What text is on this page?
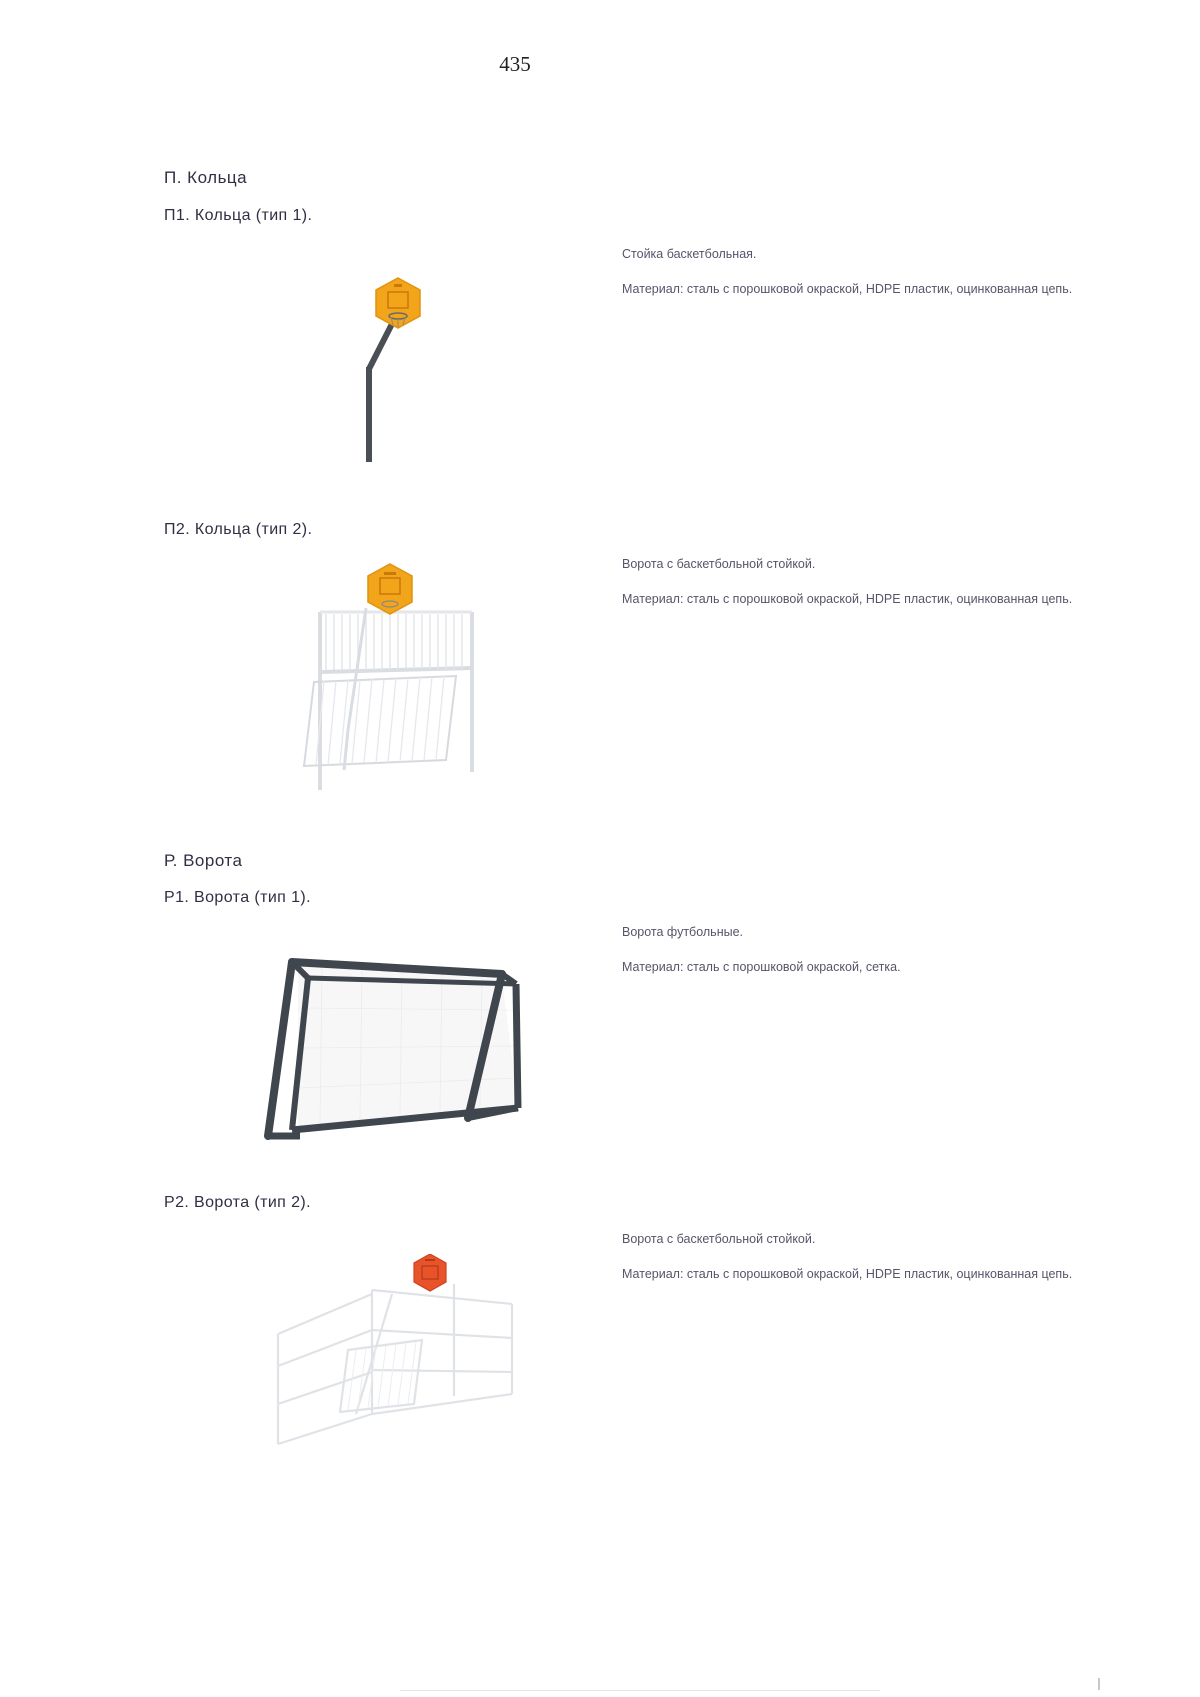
435
П. Кольца
П1. Кольца (тип 1).

Стойка баскетбольная.

Материал: сталь с порошковой окраской, HDPE пластик, оцинкованная цепь.

П2. Кольца (тип 2).

Ворота с баскетбольной стойкой.

Материал: сталь с порошковой окраской, HDPE пластик, оцинкованная цепь.

Р. Ворота
Р1. Ворота (тип 1).

Ворота футбольные.

Материал: сталь с порошковой окраской, сетка.

Р2. Ворота (тип 2).

Ворота с баскетбольной стойкой.

Материал: сталь с порошковой окраской, HDPE пластик, оцинкованная цепь.
